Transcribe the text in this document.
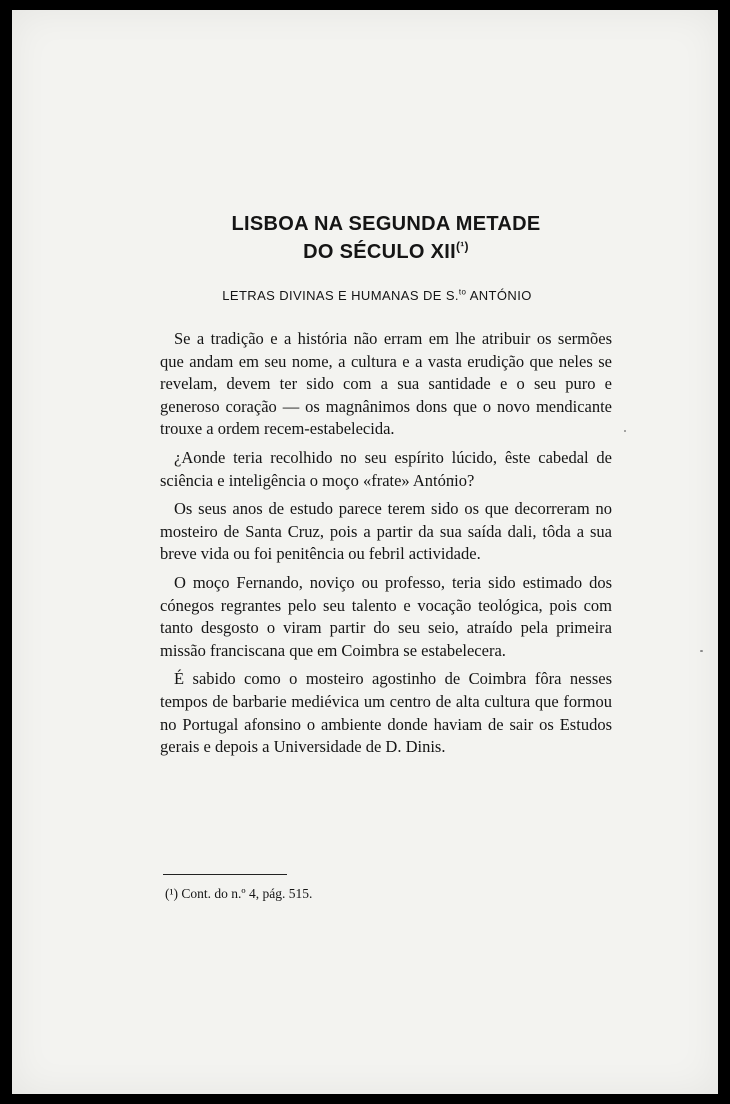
LISBOA NA SEGUNDA METADE
DO SÉCULO XII$^{(^1)}$
LETRAS DIVINAS E HUMANAS DE S.$^{to}$ ANTÓNIO

Se a tradição e a história não erram em lhe atribuir os sermões que andam em seu nome, a cultura e a vasta erudição que neles se revelam, devem ter sido com a sua santidade e o seu puro e generoso coração — os magnânimos dons que o novo mendicante trouxe a ordem recem-estabelecida.

¿Aonde teria recolhido no seu espírito lúcido, êste cabedal de sciência e inteligência o moço «frate» António?

Os seus anos de estudo parece terem sido os que decorreram no mosteiro de Santa Cruz, pois a partir da sua saída dali, tôda a sua breve vida ou foi penitência ou febril actividade.

O moço Fernando, noviço ou professo, teria sido estimado dos cónegos regrantes pelo seu talento e vocação teológica, pois com tanto desgosto o viram partir do seu seio, atraído pela primeira missão franciscana que em Coimbra se estabelecera.

É sabido como o mosteiro agostinho de Coimbra fôra nesses tempos de barbarie mediévica um centro de alta cultura que formou no Portugal afonsino o ambiente donde haviam de sair os Estudos gerais e depois a Universidade de D. Dinis.

(¹) Cont. do n.º 4, pág. 515.
